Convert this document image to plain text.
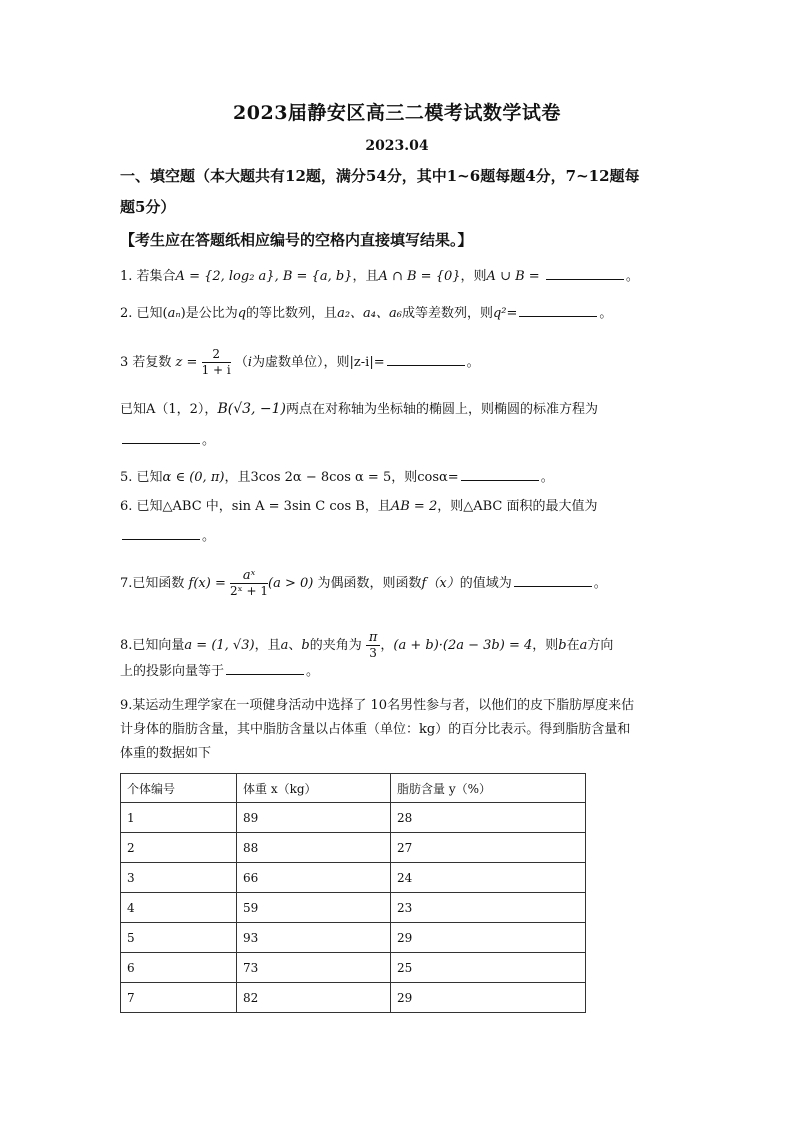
2023届静安区高三二模考试数学试卷
2023.04
一、填空题（本大题共有12题，满分54分，其中1~6题每题4分，7~12题每
题5分）
【考生应在答题纸相应编号的空格内直接填写结果。】
1. 若集合A = {2, log₂ a}, B = {a, b}，且A ∩ B = {0}，则A ∪ B =	。
2. 已知(aₙ)是公比为q的等比数列，且a₂、a₄、a₆成等差数列，则q²=	。
3 若复数 $z = \frac{2}{1 + i} (i$为虚数单位），则|z-i|=	。
已知A（1，2），B(√3, −1)两点在对称轴为坐标轴的椭圆上，则椭圆的标准方程为
。
5. 已知α ∈ (0, π)，且3cos 2α − 8cos α = 5，则cosα=	。
6. 已知△ABC 中，sin A = 3sin C cos B，且AB = 2，则△ABC 面积的最大值为
。
7.已知函数 $f(x) = \frac{\text{aˣ}}{\text{2ˣ + 1}} (a > 0)$ 为偶函数，则函数f（x）的值域为	。
8.已知向量a = (1, √3)，且a、b的夹角为 $\frac{\pi}{3}$ ，(a + b)·(2a − 3b) = 4，则b在a方向
上的投影向量等于	。
9.某运动生理学家在一项健身活动中选择了 10名男性参与者，以他们的皮下脂肪厚度来估
计身体的脂肪含量，其中脂肪含量以占体重（单位：kg）的百分比表示。得到脂肪含量和
体重的数据如下
个体编号	体重 x（kg）	脂肪含量 y（%）
1	89	28
2	88	27
3	66	24
4	59	23
5	93	29
6	73	25
7	82	29
